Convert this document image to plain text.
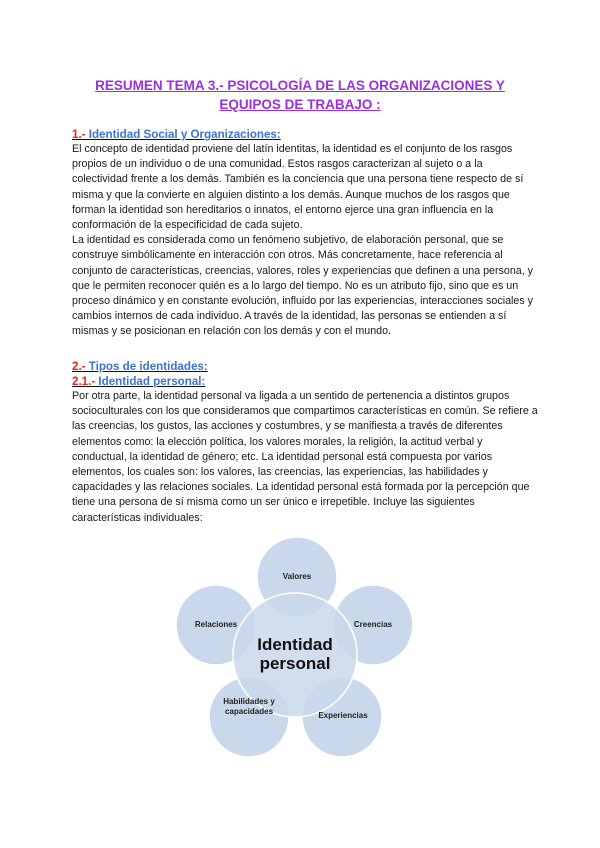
RESUMEN TEMA 3.- PSICOLOGÍA DE LAS ORGANIZACIONES Y
EQUIPOS DE TRABAJO :
1.- Identidad Social y Organizaciones:

El concepto de identidad proviene del latín identitas, la identidad es el conjunto de los rasgos propios de un individuo o de una comunidad. Estos rasgos caracterizan al sujeto o a la colectividad frente a los demás. También es la conciencia que una persona tiene respecto de sí misma y que la convierte en alguien distinto a los demás. Aunque muchos de los rasgos que forman la identidad son hereditarios o innatos, el entorno ejerce una gran influencia en la conformación de la especificidad de cada sujeto.

La identidad es considerada como un fenómeno subjetivo, de elaboración personal, que se construye simbólicamente en interacción con otros. Más concretamente, hace referencia al conjunto de características, creencias, valores, roles y experiencias que definen a una persona, y que le permiten reconocer quién es a lo largo del tiempo. No es un atributo fijo, sino que es un proceso dinámico y en constante evolución, influido por las experiencias, interacciones sociales y cambios internos de cada individuo. A través de la identidad, las personas se entienden a sí mismas y se posicionan en relación con los demás y con el mundo.

2.- Tipos de identidades:
2.1.- Identidad personal:

Por otra parte, la identidad personal va ligada a un sentido de pertenencia a distintos grupos socioculturales con los que consideramos que compartimos características en común. Se refiere a las creencias, los gustos, las acciones y costumbres, y se manifiesta a través de diferentes elementos como: la elección política, los valores morales, la religión, la actitud verbal y conductual, la identidad de género; etc. La identidad personal está compuesta por varios elementos, los cuales son: los valores, las creencias, las experiencias, las habilidades y capacidades y las relaciones sociales. La identidad personal está formada por la percepción que tiene una persona de sí misma como un ser único e irrepetible. Incluye las siguientes características individuales:

Valores
Creencias
Experiencias
Habilidades y capacidades
Relaciones
Identidad
personal
